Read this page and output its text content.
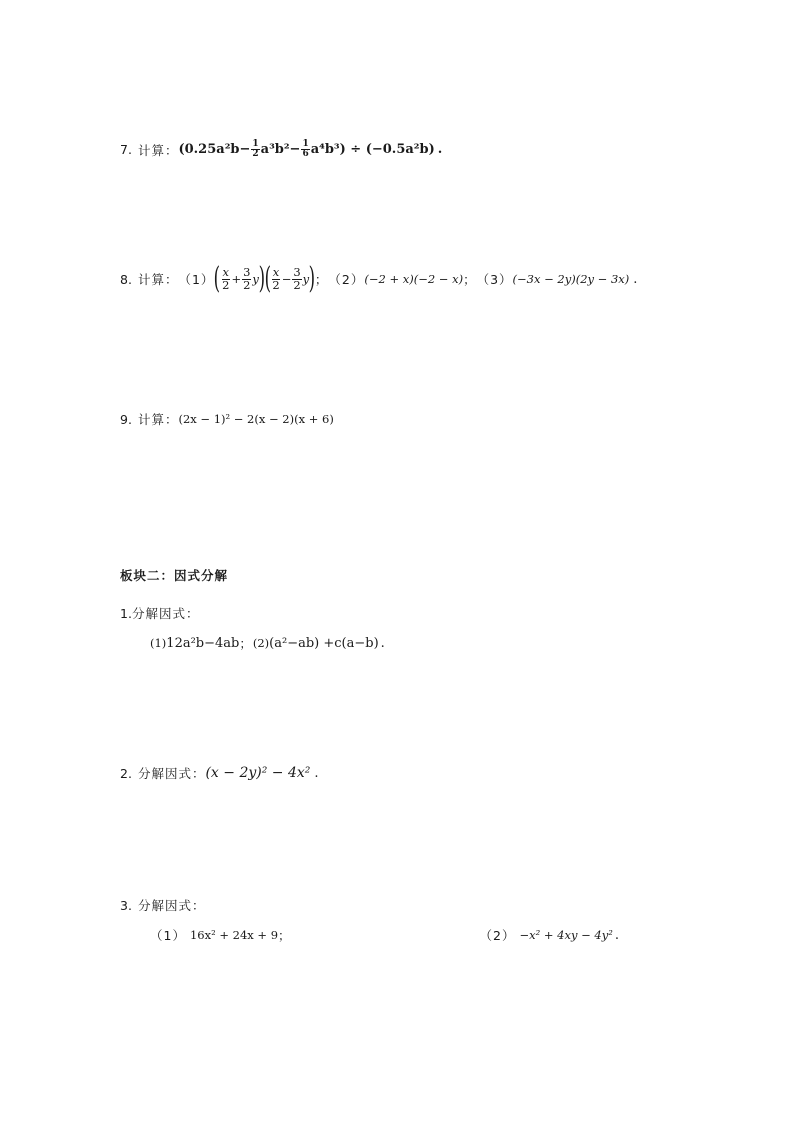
7. 计算： $(0.25a^2b- \frac{1}{2} a^3b^2- \frac{1}{6} a^4b^3) \div (-0.5a^2b)$ .
8. 计算： （1） ( $\frac{x}{2} + \frac{3}{2}$ y ) ( $\frac{x}{2} - \frac{3}{2}$ y ) ； （2） (−2 + x)(−2 − x) ； （3） (−3x − 2y)(2y − 3x) .
9. 计算： (2x − 1)² − 2(x − 2)(x + 6)
板块二：因式分解
1. 分解因式：
(1) 12a²b−4ab ； (2) (a²−ab) +c(a−b) .
2. 分解因式： (x − 2y)² − 4x² .
3. 分解因式：
（1） 16x² + 24x + 9 ；	（2） −x² + 4xy − 4y² .
